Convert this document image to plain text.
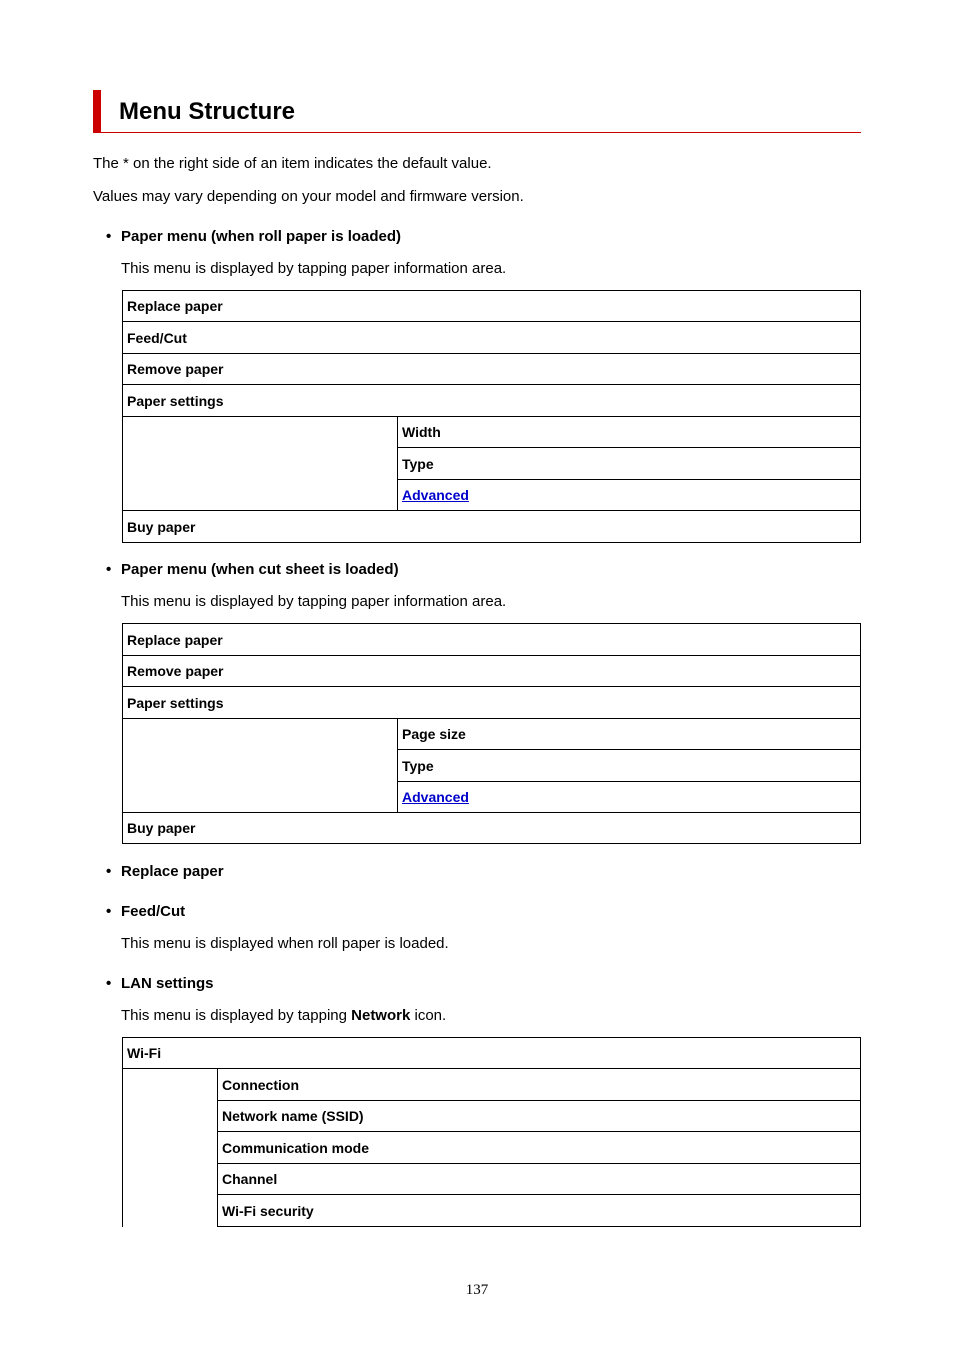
Menu Structure
The * on the right side of an item indicates the default value.
Values may vary depending on your model and firmware version.
• Paper menu (when roll paper is loaded)
This menu is displayed by tapping paper information area.
Replace paper
Feed/Cut
Remove paper
Paper settings
Width
Type
Advanced
Buy paper
• Paper menu (when cut sheet is loaded)
This menu is displayed by tapping paper information area.
Replace paper
Remove paper
Paper settings
Page size
Type
Advanced
Buy paper
• Replace paper
• Feed/Cut
This menu is displayed when roll paper is loaded.
• LAN settings
This menu is displayed by tapping Network icon.
Wi-Fi
Connection
Network name (SSID)
Communication mode
Channel
Wi-Fi security
137
